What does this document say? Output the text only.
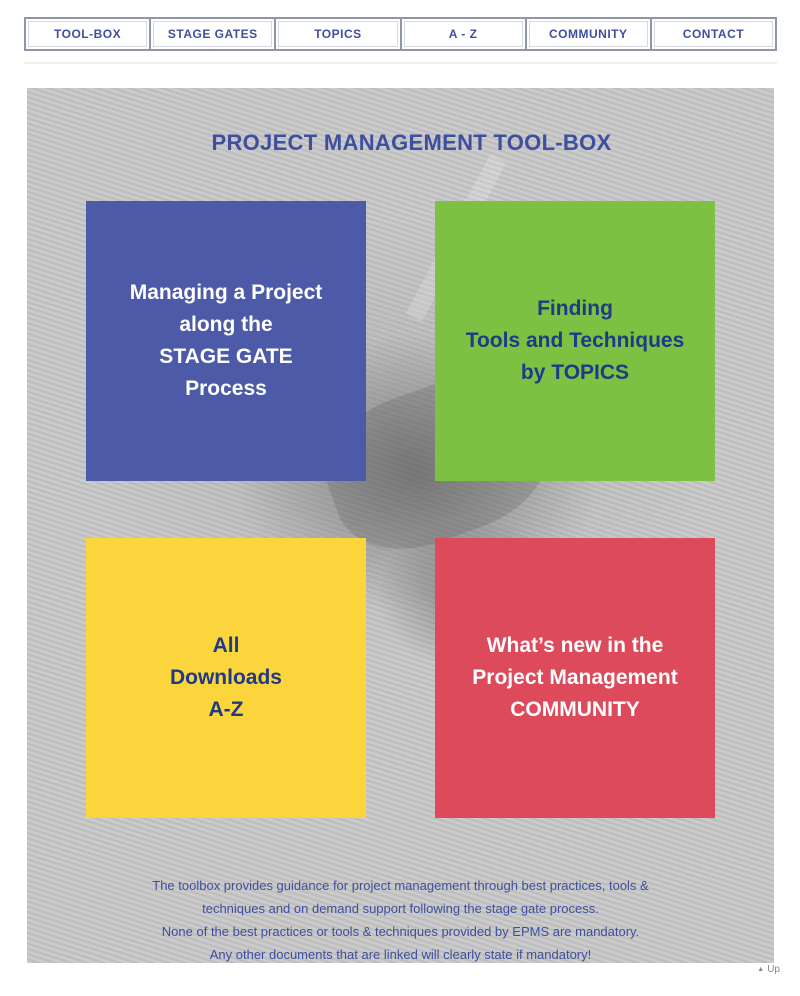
TOOL-BOX	STAGE GATES	TOPICS	A - Z	COMMUNITY	CONTACT
PROJECT MANAGEMENT TOOL-BOX
Managing a Project
along the
STAGE GATE
Process
Finding
Tools and Techniques
by TOPICS
All
Downloads
A-Z
What’s new in the
Project Management
COMMUNITY
The toolbox provides guidance for project management through best practices, tools &
techniques and on demand support following the stage gate process.
None of the best practices or tools & techniques provided by EPMS are mandatory.
Any other documents that are linked will clearly state if mandatory!
▲ Up
